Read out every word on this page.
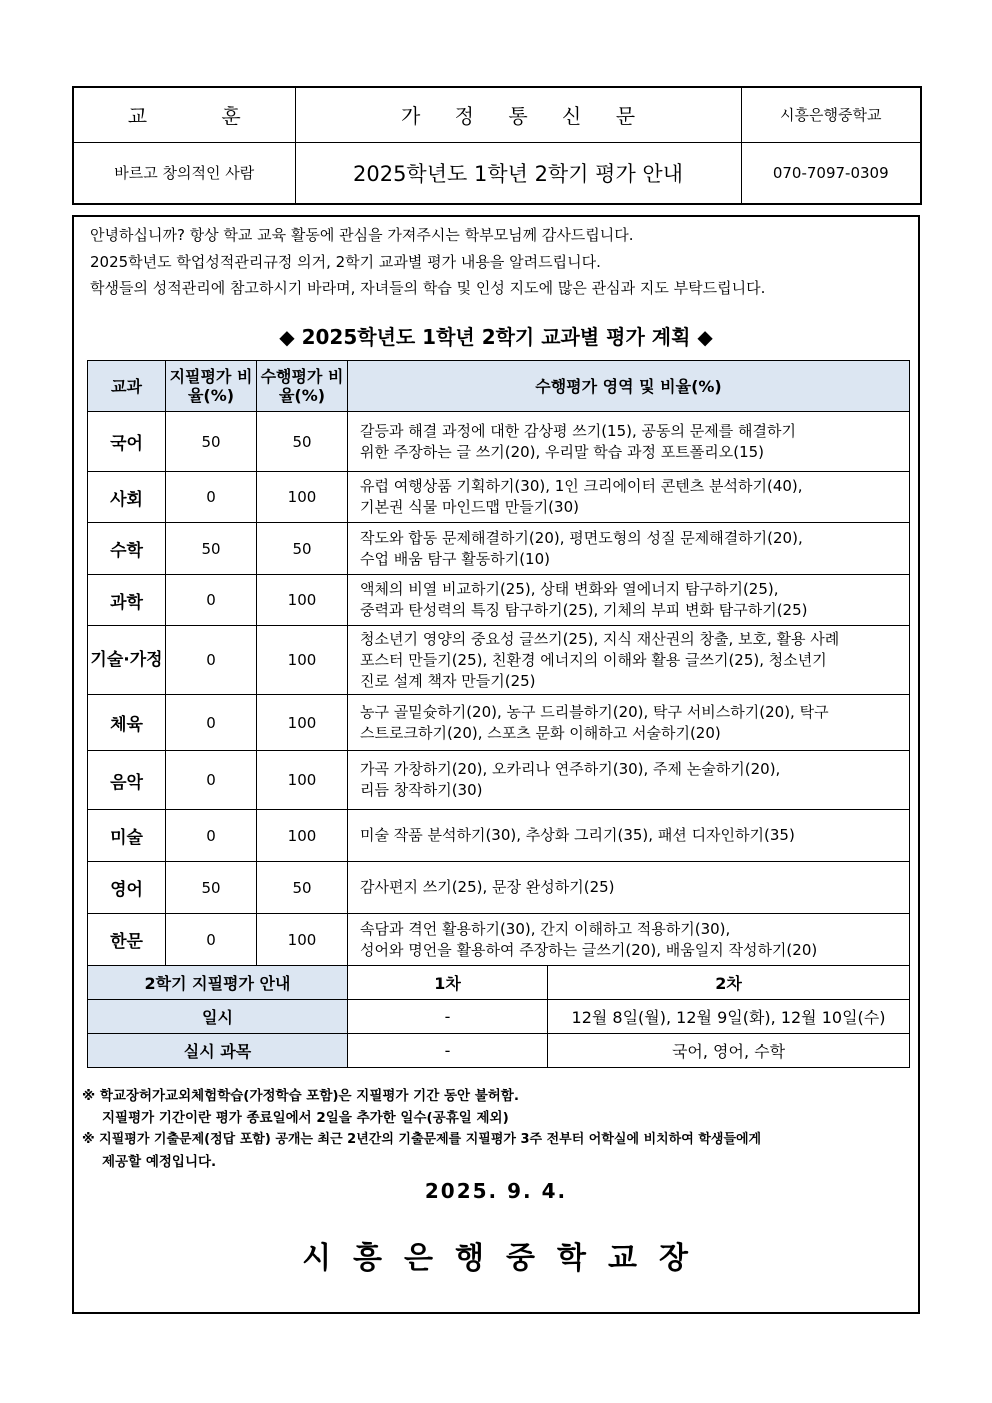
교 훈	가 정 통 신 문	시흥은행중학교
바르고 창의적인 사람	2025학년도 1학년 2학기 평가 안내	070-7097-0309
안녕하십니까? 항상 학교 교육 활동에 관심을 가져주시는 학부모님께 감사드립니다.
2025학년도 학업성적관리규정 의거, 2학기 교과별 평가 내용을 알려드립니다.
학생들의 성적관리에 참고하시기 바라며, 자녀들의 학습 및 인성 지도에 많은 관심과 지도 부탁드립니다.
◆ 2025학년도 1학년 2학기 교과별 평가 계획 ◆
교과	지필평가 비율(%)	수행평가 비율(%)	수행평가 영역 및 비율(%)	
국어	50	50	갈등과 해결 과정에 대한 감상평 쓰기(15), 공동의 문제를 해결하기
위한 주장하는 글 쓰기(20), 우리말 학습 과정 포트폴리오(15)	

사회	0	100	유럽 여행상품 기획하기(30), 1인 크리에이터 콘텐츠 분석하기(40),
기본권 식물 마인드맵 만들기(30)	

수학	50	50	작도와 합동 문제해결하기(20), 평면도형의 성질 문제해결하기(20),
수업 배움 탐구 활동하기(10)	

과학	0	100	액체의 비열 비교하기(25), 상태 변화와 열에너지 탐구하기(25),
중력과 탄성력의 특징 탐구하기(25), 기체의 부피 변화 탐구하기(25)	

기술·가정	0	100	청소년기 영양의 중요성 글쓰기(25), 지식 재산권의 창출, 보호, 활용 사례
포스터 만들기(25), 친환경 에너지의 이해와 활용 글쓰기(25), 청소년기
진로 설계 책자 만들기(25)	

체육	0	100	농구 골밑슛하기(20), 농구 드리블하기(20), 탁구 서비스하기(20), 탁구
스트로크하기(20), 스포츠 문화 이해하고 서술하기(20)	

음악	0	100	가곡 가창하기(20), 오카리나 연주하기(30), 주제 논술하기(20),
리듬 창작하기(30)	

미술	0	100	미술 작품 분석하기(30), 추상화 그리기(35), 패션 디자인하기(35)	

영어	50	50	감사편지 쓰기(25), 문장 완성하기(25)	

한문	0	100	속담과 격언 활용하기(30), 간지 이해하고 적용하기(30),
성어와 명언을 활용하여 주장하는 글쓰기(20), 배움일지 작성하기(20)	

2학기 지필평가 안내			1차	2차
일시			-	12월 8일(월), 12월 9일(화), 12월 10일(수)
실시 과목			-	국어, 영어, 수학
※ 학교장허가교외체험학습(가정학습 포함)은 지필평가 기간 동안 불허함.
지필평가 기간이란 평가 종료일에서 2일을 추가한 일수(공휴일 제외)
※ 지필평가 기출문제(정답 포함) 공개는 최근 2년간의 기출문제를 지필평가 3주 전부터 어학실에 비치하여 학생들에게
제공할 예정입니다.
2025. 9. 4.
시흥은행중학교장
